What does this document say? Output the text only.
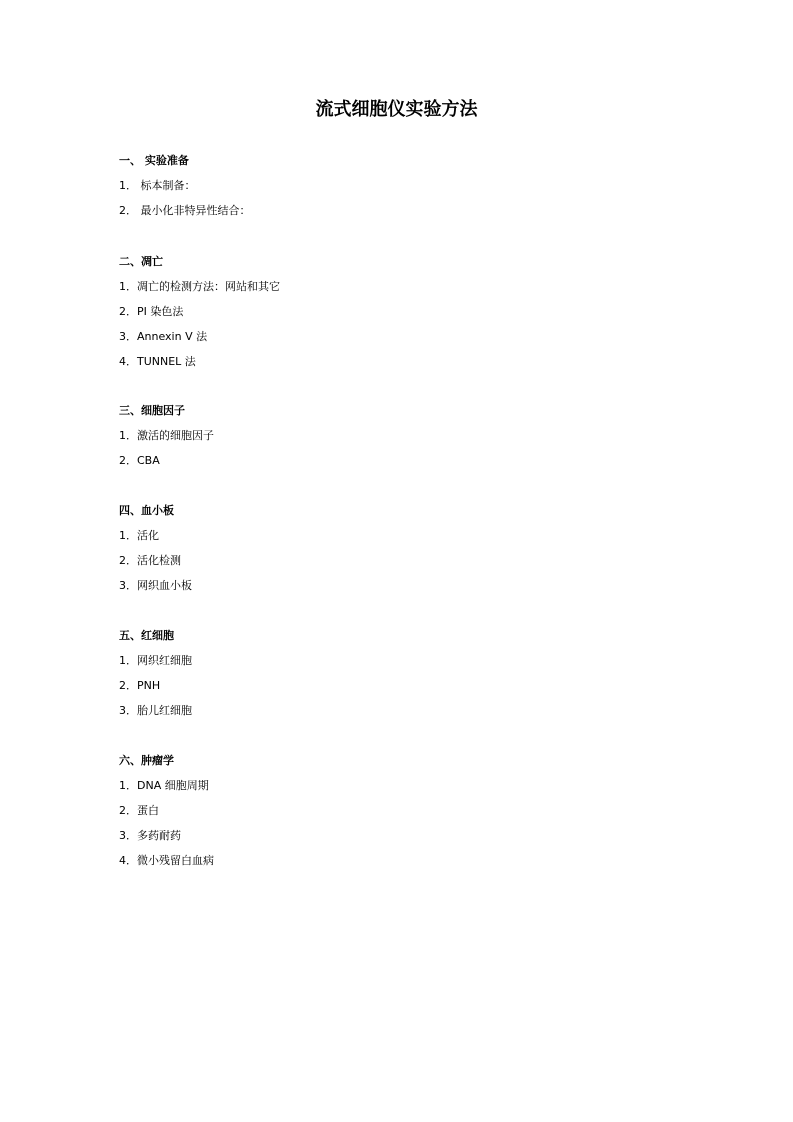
流式细胞仪实验方法
一、 实验准备
1． 标本制备：
2． 最小化非特异性结合：
二、凋亡
1．凋亡的检测方法：网站和其它
2．PI 染色法
3．Annexin V 法
4．TUNNEL 法
三、细胞因子
1．激活的细胞因子
2．CBA
四、血小板
1．活化
2．活化检测
3．网织血小板
五、红细胞
1．网织红细胞
2．PNH
3．胎儿红细胞
六、肿瘤学
1．DNA 细胞周期
2．蛋白
3．多药耐药
4．微小残留白血病
